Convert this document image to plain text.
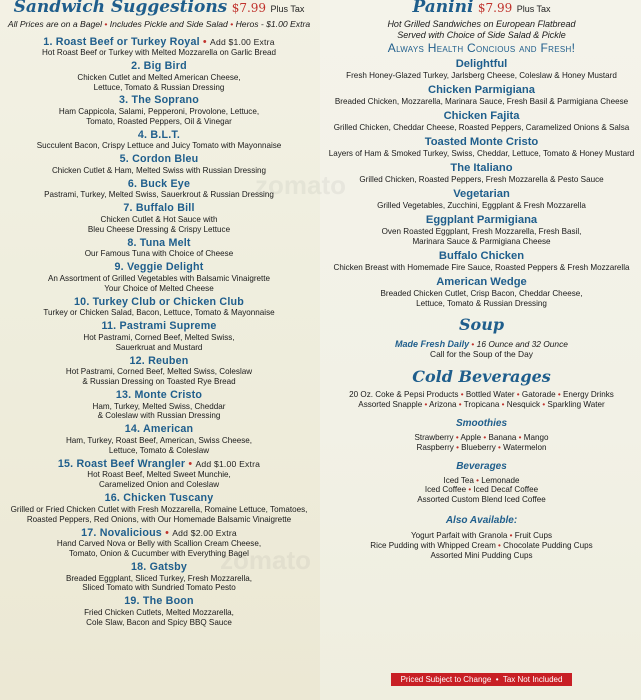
zomato
zomato
Sandwich Suggestions $7.99 Plus Tax
All Prices are on a Bagel • Includes Pickle and Side Salad • Heros - $1.00 Extra
1. Roast Beef or Turkey Royal • Add $1.00 Extra
Hot Roast Beef or Turkey with Melted Mozzarella on Garlic Bread
2. Big Bird
Chicken Cutlet and Melted American Cheese,
Lettuce, Tomato & Russian Dressing
3. The Soprano
Ham Cappicola, Salami, Pepperoni, Provolone, Lettuce,
Tomato, Roasted Peppers, Oil & Vinegar
4. B.L.T.
Succulent Bacon, Crispy Lettuce and Juicy Tomato with Mayonnaise
5. Cordon Bleu
Chicken Cutlet & Ham, Melted Swiss with Russian Dressing
6. Buck Eye
Pastrami, Turkey, Melted Swiss, Sauerkrout & Russian Dressing
7. Buffalo Bill
Chicken Cutlet & Hot Sauce with
Bleu Cheese Dressing & Crispy Lettuce
8. Tuna Melt
Our Famous Tuna with Choice of Cheese
9. Veggie Delight
An Assortment of Grilled Vegetables with Balsamic Vinaigrette
Your Choice of Melted Cheese
10. Turkey Club or Chicken Club
Turkey or Chicken Salad, Bacon, Lettuce, Tomato & Mayonnaise
11. Pastrami Supreme
Hot Pastrami, Corned Beef, Melted Swiss,
Sauerkruat and Mustard
12. Reuben
Hot Pastrami, Corned Beef, Melted Swiss, Coleslaw
& Russian Dressing on Toasted Rye Bread
13. Monte Cristo
Ham, Turkey, Melted Swiss, Cheddar
& Coleslaw with Russian Dressing
14. American
Ham, Turkey, Roast Beef, American, Swiss Cheese,
Lettuce, Tomato & Coleslaw
15. Roast Beef Wrangler • Add $1.00 Extra
Hot Roast Beef, Melted Sweet Munchie,
Caramelized Onion and Coleslaw
16. Chicken Tuscany
Grilled or Fried Chicken Cutlet with Fresh Mozzarella, Romaine Lettuce, Tomatoes,
Roasted Peppers, Red Onions, with Our Homemade Balsamic Vinaigrette
17. Novalicious • Add $2.00 Extra
Hand Carved Nova or Belly with Scallion Cream Cheese,
Tomato, Onion & Cucumber with Everything Bagel
18. Gatsby
Breaded Eggplant, Sliced Turkey, Fresh Mozzarella,
Sliced Tomato with Sundried Tomato Pesto
19. The Boon
Fried Chicken Cutlets, Melted Mozzarella,
Cole Slaw, Bacon and Spicy BBQ Sauce
Panini $7.99 Plus Tax
Hot Grilled Sandwiches on European Flatbread
Served with Choice of Side Salad & Pickle
Always Health Concious and Fresh!
Delightful
Fresh Honey-Glazed Turkey, Jarlsberg Cheese, Coleslaw & Honey Mustard
Chicken Parmigiana
Breaded Chicken, Mozzarella, Marinara Sauce, Fresh Basil & Parmigiana Cheese
Chicken Fajita
Grilled Chicken, Cheddar Cheese, Roasted Peppers, Caramelized Onions & Salsa
Toasted Monte Cristo
Layers of Ham & Smoked Turkey, Swiss, Cheddar, Lettuce, Tomato & Honey Mustard
The Italiano
Grilled Chicken, Roasted Peppers, Fresh Mozzarella & Pesto Sauce
Vegetarian
Grilled Vegetables, Zucchini, Eggplant & Fresh Mozzarella
Eggplant Parmigiana
Oven Roasted Eggplant, Fresh Mozzarella, Fresh Basil,
Marinara Sauce & Parmigiana Cheese
Buffalo Chicken
Chicken Breast with Homemade Fire Sauce, Roasted Peppers & Fresh Mozzarella
American Wedge
Breaded Chicken Cutlet, Crisp Bacon, Cheddar Cheese,
Lettuce, Tomato & Russian Dressing
Soup
Made Fresh Daily • 16 Ounce and 32 Ounce
Call for the Soup of the Day
Cold Beverages
20 Oz. Coke & Pepsi Products • Bottled Water • Gatorade • Energy Drinks
Assorted Snapple • Arizona • Tropicana • Nesquick • Sparkling Water
Smoothies
Strawberry • Apple • Banana • Mango
Raspberry • Blueberry • Watermelon
Beverages
Iced Tea • Lemonade
Iced Coffee • Iced Decaf Coffee
Assorted Custom Blend Iced Coffee
Also Available:
Yogurt Parfait with Granola • Fruit Cups
Rice Pudding with Whipped Cream • Chocolate Pudding Cups
Assorted Mini Pudding Cups
Priced Subject to Change  •  Tax Not Included
